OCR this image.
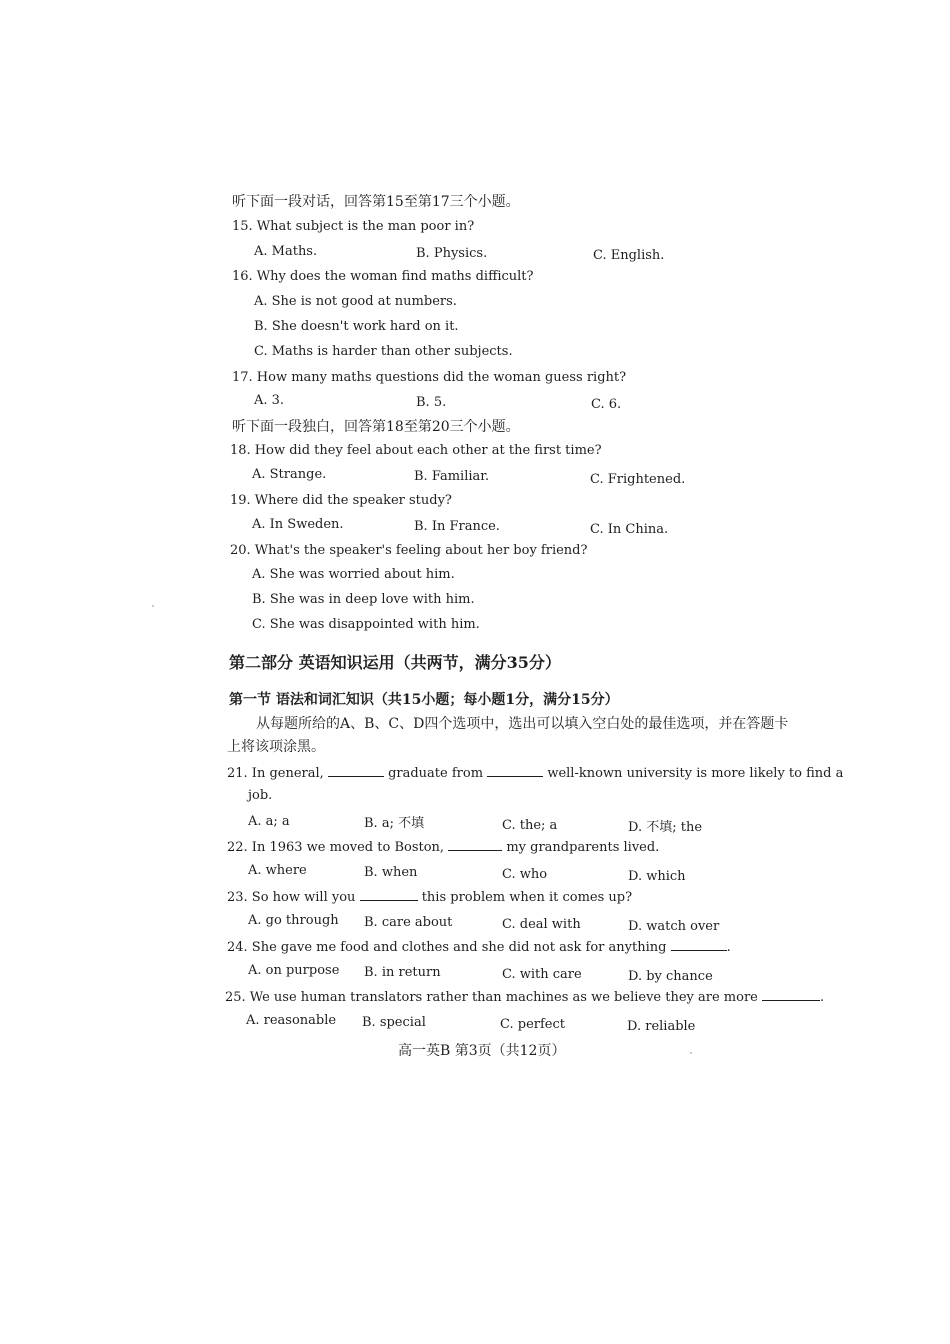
听下面一段对话，回答第15至第17三个小题。
15. What subject is the man poor in?
A. Maths.	B. Physics.	C. English.
16. Why does the woman find maths difficult?
A. She is not good at numbers.
B. She doesn't work hard on it.
C. Maths is harder than other subjects.
17. How many maths questions did the woman guess right?
A. 3.	B. 5.	C. 6.
听下面一段独白，回答第18至第20三个小题。
18. How did they feel about each other at the first time?
A. Strange.	B. Familiar.	C. Frightened.
19. Where did the speaker study?
A. In Sweden.	B. In France.	C. In China.
20. What's the speaker's feeling about her boy friend?
A. She was worried about him.
B. She was in deep love with him.
C. She was disappointed with him.
第二部分 英语知识运用（共两节，满分35分）
第一节 语法和词汇知识（共15小题；每小题1分，满分15分）
从每题所给的A、B、C、D四个选项中，选出可以填入空白处的最佳选项，并在答题卡
上将该项涂黑。
21. In general,	graduate from	well-known university is more likely to find a
job.
A. a; a	B. a; 不填	C. the; a	D. 不填; the
22. In 1963 we moved to Boston,	my grandparents lived.
A. where	B. when	C. who	D. which
23. So how will you	this problem when it comes up?
A. go through B. care about	C. deal with	D. watch over
24. She gave me food and clothes and she did not ask for anything	.
A. on purpose B. in return	C. with care	D. by chance
25. We use human translators rather than machines as we believe they are more	.
A. reasonable B. special	C. perfect	D. reliable
高一英B 第3页（共12页）
